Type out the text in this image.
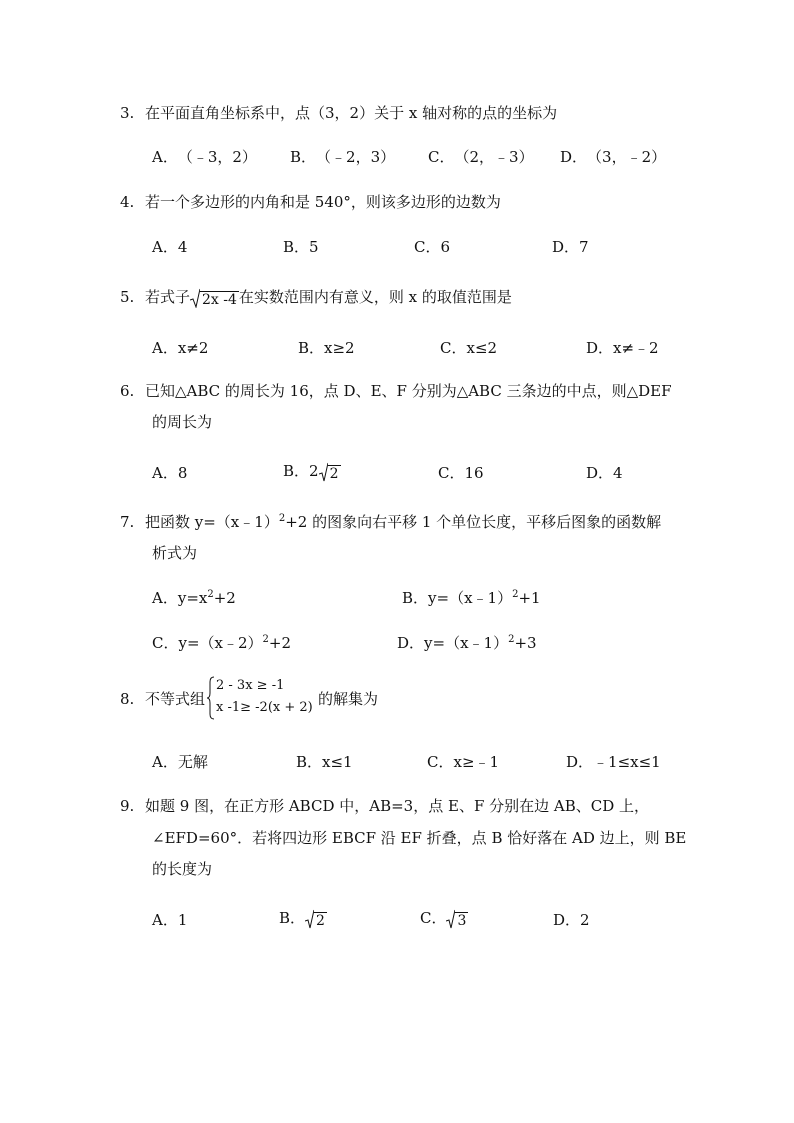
3. 在平面直角坐标系中，点（3，2）关于 x 轴对称的点的坐标为
A．（﹣3，2） B．（﹣2，3） C．（2，﹣3） D．（3，﹣2）
4. 若一个多边形的内角和是 540°，则该多边形的边数为
A．4	B．5	C．6	D．7
5. 若式子 2x -4 在实数范围内有意义，则 x 的取值范围是
A．x≠2	B．x≥2	C．x≤2	D．x≠﹣2
6. 已知△ABC 的周长为 16，点 D、E、F 分别为△ABC 三条边的中点，则△DEF
的周长为
A．8	B．2 2	C．16	D．4
7. 把函数 y=（x﹣1）$^2$+2 的图象向右平移 1 个单位长度，平移后图象的函数解
析式为
A．$y=x^2+2$	B．y=（x﹣1）$^2$+1
C．y=（x﹣2）$^2$+2	D．y=（x﹣1）$^2$+3
8. 不等式组
2 - 3x ≥ -1
x -1≥ -2(x + 2) 的解集为
A．无解	B．x≤1	C．x≥﹣1	D．﹣1≤x≤1
9. 如题 9 图，在正方形 ABCD 中，AB=3，点 E、F 分别在边 AB、CD 上，
∠EFD=60°．若将四边形 EBCF 沿 EF 折叠，点 B 恰好落在 AD 边上，则 BE
的长度为
A．1	B． 2	C． 3	D．2
